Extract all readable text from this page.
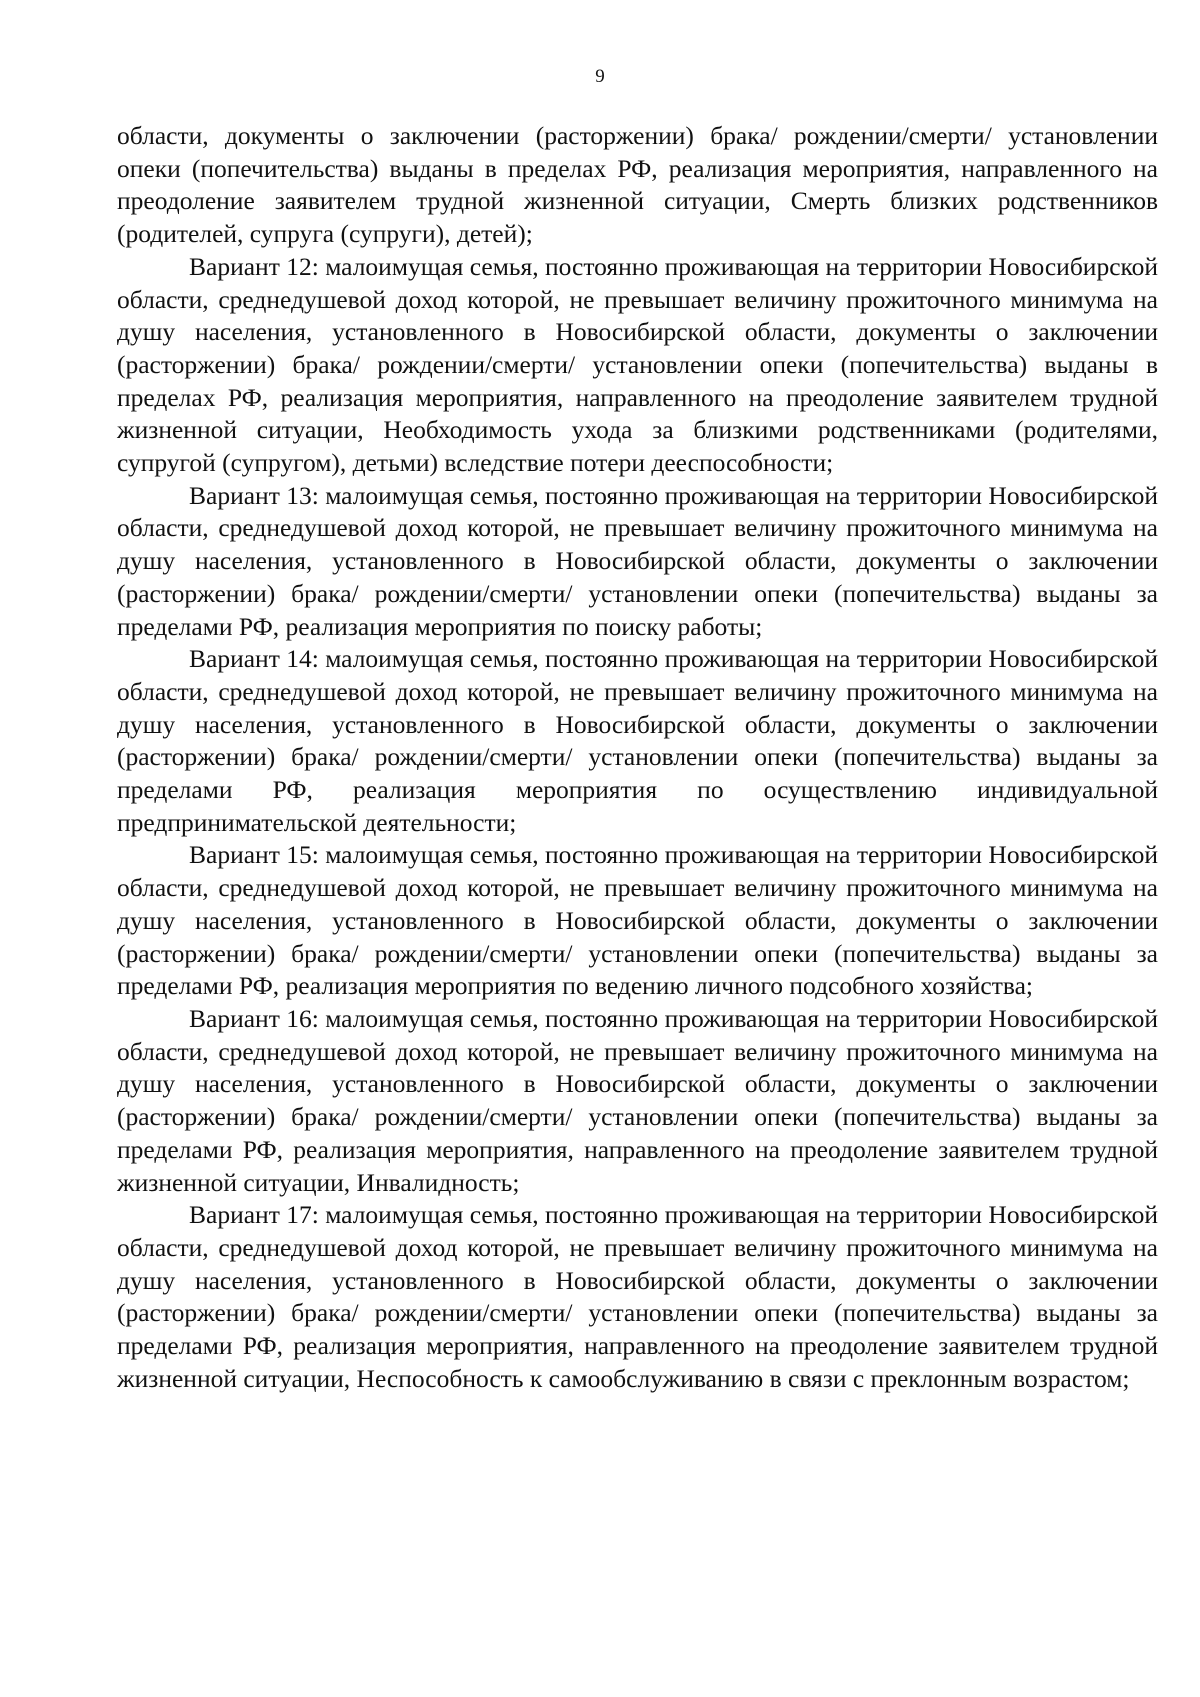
9

области, документы о заключении (расторжении) брака/ рождении/смерти/ установлении опеки (попечительства) выданы в пределах РФ, реализация мероприятия, направленного на преодоление заявителем трудной жизненной ситуации, Смерть близких родственников (родителей, супруга (супруги), детей);

Вариант 12: малоимущая семья, постоянно проживающая на территории Новосибирской области, среднедушевой доход которой, не превышает величину прожиточного минимума на душу населения, установленного в Новосибирской области, документы о заключении (расторжении) брака/ рождении/смерти/ установлении опеки (попечительства) выданы в пределах РФ, реализация мероприятия, направленного на преодоление заявителем трудной жизненной ситуации, Необходимость ухода за близкими родственниками (родителями, супругой (супругом), детьми) вследствие потери дееспособности;

Вариант 13: малоимущая семья, постоянно проживающая на территории Новосибирской области, среднедушевой доход которой, не превышает величину прожиточного минимума на душу населения, установленного в Новосибирской области, документы о заключении (расторжении) брака/ рождении/смерти/ установлении опеки (попечительства) выданы за пределами РФ, реализация мероприятия по поиску работы;

Вариант 14: малоимущая семья, постоянно проживающая на территории Новосибирской области, среднедушевой доход которой, не превышает величину прожиточного минимума на душу населения, установленного в Новосибирской области, документы о заключении (расторжении) брака/ рождении/смерти/ установлении опеки (попечительства) выданы за пределами РФ, реализация мероприятия по осуществлению индивидуальной предпринимательской деятельности;

Вариант 15: малоимущая семья, постоянно проживающая на территории Новосибирской области, среднедушевой доход которой, не превышает величину прожиточного минимума на душу населения, установленного в Новосибирской области, документы о заключении (расторжении) брака/ рождении/смерти/ установлении опеки (попечительства) выданы за пределами РФ, реализация мероприятия по ведению личного подсобного хозяйства;

Вариант 16: малоимущая семья, постоянно проживающая на территории Новосибирской области, среднедушевой доход которой, не превышает величину прожиточного минимума на душу населения, установленного в Новосибирской области, документы о заключении (расторжении) брака/ рождении/смерти/ установлении опеки (попечительства) выданы за пределами РФ, реализация мероприятия, направленного на преодоление заявителем трудной жизненной ситуации, Инвалидность;

Вариант 17: малоимущая семья, постоянно проживающая на территории Новосибирской области, среднедушевой доход которой, не превышает величину прожиточного минимума на душу населения, установленного в Новосибирской области, документы о заключении (расторжении) брака/ рождении/смерти/ установлении опеки (попечительства) выданы за пределами РФ, реализация мероприятия, направленного на преодоление заявителем трудной жизненной ситуации, Неспособность к самообслуживанию в связи с преклонным возрастом;
